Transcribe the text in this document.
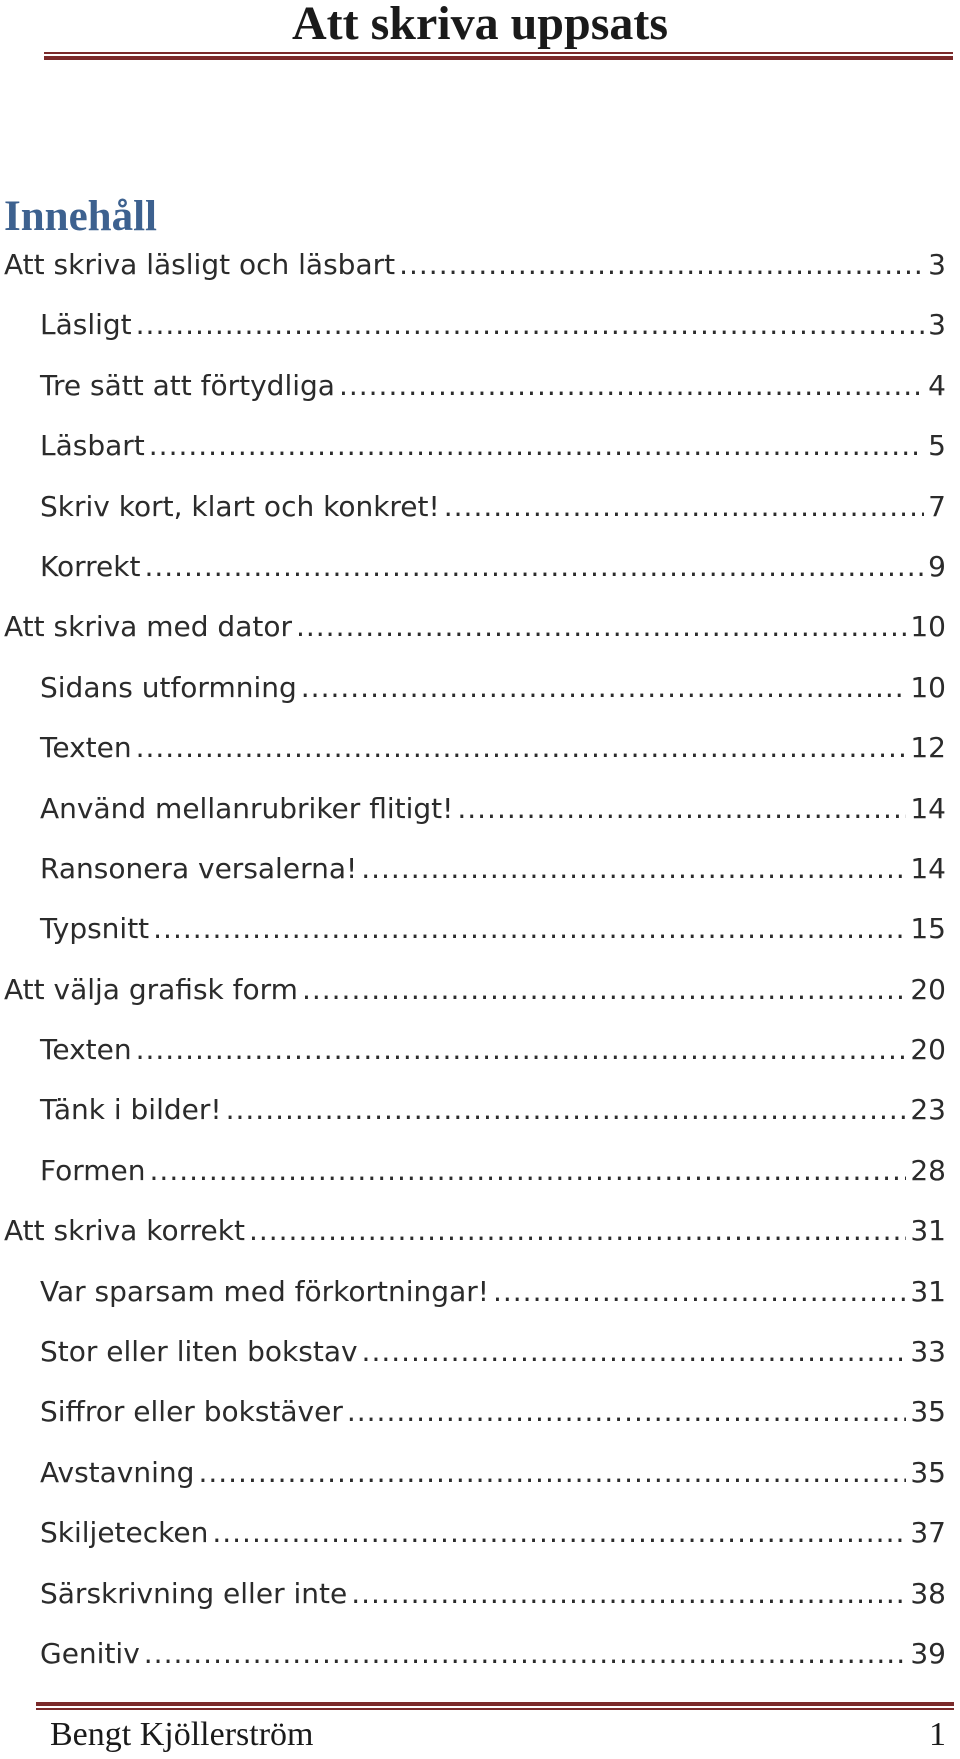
Att skriva uppsats
Innehåll
Att skriva läsligt och läsbart .....	3
Läsligt .....	3
Tre sätt att förtydliga .....	4
Läsbart .....	5
Skriv kort, klart och konkret! .....	7
Korrekt .....	9
Att skriva med dator .....	10
Sidans utformning .....	10
Texten .....	12
Använd mellanrubriker flitigt! .....	14
Ransonera versalerna! .....	14
Typsnitt .....	15
Att välja grafisk form .....	20
Texten .....	20
Tänk i bilder! .....	23
Formen .....	28
Att skriva korrekt .....	31
Var sparsam med förkortningar! .....	31
Stor eller liten bokstav .....	33
Siffror eller bokstäver .....	35
Avstavning .....	35
Skiljetecken .....	37
Särskrivning eller inte .....	38
Genitiv .....	39
Bengt Kjöllerström	1
